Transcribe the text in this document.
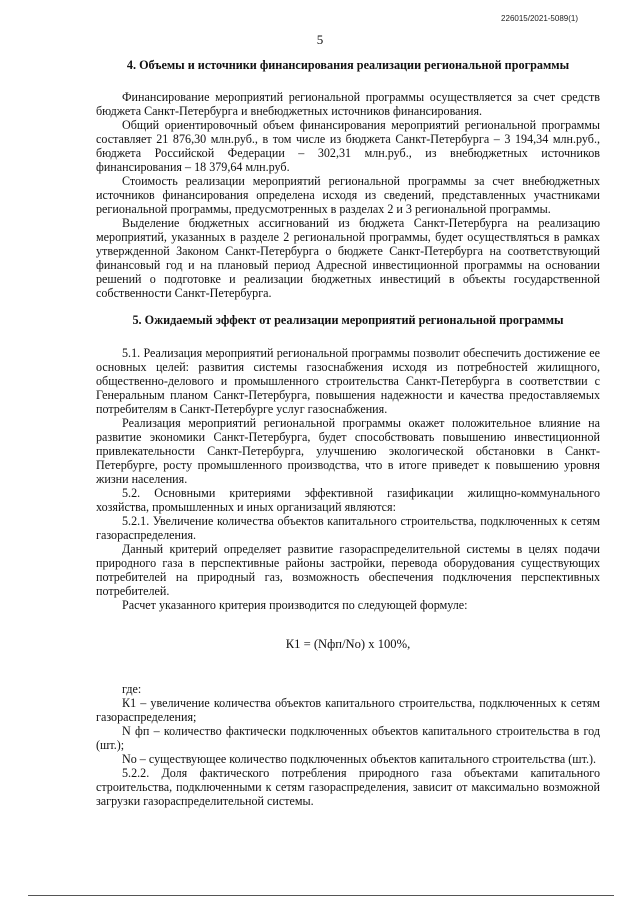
226015/2021-5089(1)
5
4. Объемы и источники финансирования реализации региональной программы

Финансирование мероприятий региональной программы осуществляется за счет средств бюджета Санкт-Петербурга и внебюджетных источников финансирования.

Общий ориентировочный объем финансирования мероприятий региональной программы составляет 21 876,30 млн.руб., в том числе из бюджета Санкт-Петербурга – 3 194,34 млн.руб., бюджета Российской Федерации – 302,31 млн.руб., из внебюджетных источников финансирования – 18 379,64 млн.руб.

Стоимость реализации мероприятий региональной программы за счет внебюджетных источников финансирования определена исходя из сведений, представленных участниками региональной программы, предусмотренных в разделах 2 и 3 региональной программы.

Выделение бюджетных ассигнований из бюджета Санкт-Петербурга на реализацию мероприятий, указанных в разделе 2 региональной программы, будет осуществляться в рамках утвержденной Законом Санкт-Петербурга о бюджете Санкт-Петербурга на соответствующий финансовый год и на плановый период Адресной инвестиционной программы на основании решений о подготовке и реализации бюджетных инвестиций в объекты государственной собственности Санкт-Петербурга.

5. Ожидаемый эффект от реализации мероприятий региональной программы

5.1. Реализация мероприятий региональной программы позволит обеспечить достижение ее основных целей: развития системы газоснабжения исходя из потребностей жилищного, общественно-делового и промышленного строительства Санкт-Петербурга в соответствии с Генеральным планом Санкт-Петербурга, повышения надежности и качества предоставляемых потребителям в Санкт-Петербурге услуг газоснабжения.

Реализация мероприятий региональной программы окажет положительное влияние на развитие экономики Санкт-Петербурга, будет способствовать повышению инвестиционной привлекательности Санкт-Петербурга, улучшению экологической обстановки в Санкт-Петербурге, росту промышленного производства, что в итоге приведет к повышению уровня жизни населения.

5.2. Основными критериями эффективной газификации жилищно-коммунального хозяйства, промышленных и иных организаций являются:

5.2.1. Увеличение количества объектов капитального строительства, подключенных к сетям газораспределения.

Данный критерий определяет развитие газораспределительной системы в целях подачи природного газа в перспективные районы застройки, перевода оборудования существующих потребителей на природный газ, возможность обеспечения подключения перспективных потребителей.

Расчет указанного критерия производится по следующей формуле:

К1 = (Nфп/Nо) х 100%,

где:

К1 – увеличение количества объектов капитального строительства, подключенных к сетям газораспределения;

N фп – количество фактически подключенных объектов капитального строительства в год (шт.);

Nо – существующее количество подключенных объектов капитального строительства (шт.).

5.2.2. Доля фактического потребления природного газа объектами капитального строительства, подключенными к сетям газораспределения, зависит от максимально возможной загрузки газораспределительной системы.
